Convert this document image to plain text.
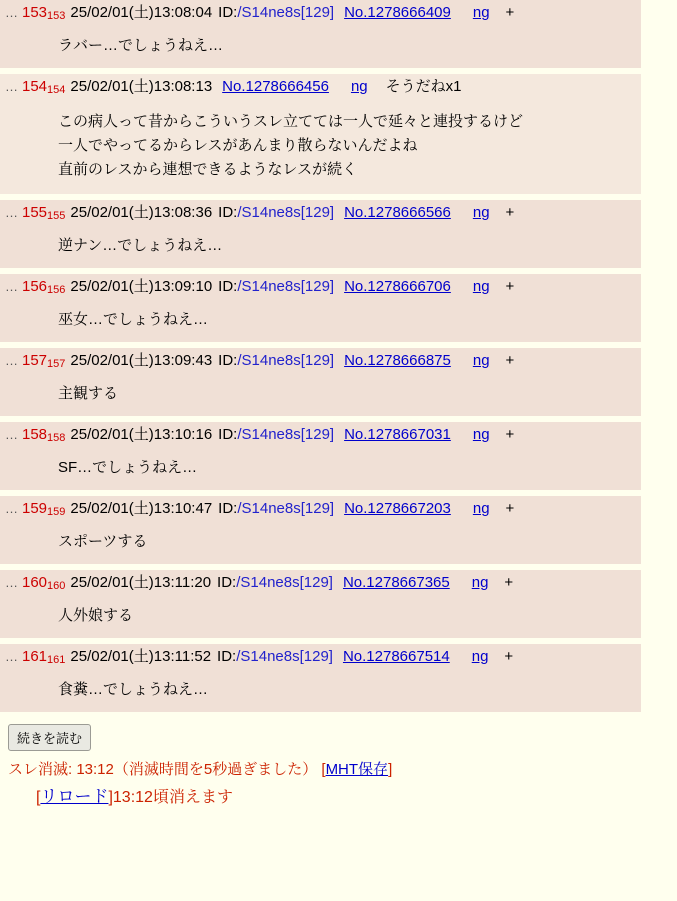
… 153 153 25/02/01(土)13:08:04 ID:/S14ne8s[129] No.1278666409 ng +
ラバー…でしょうねえ…
… 154 154 25/02/01(土)13:08:13 No.1278666456 ng そうだねx1
この病人って昔からこういうスレ立てては一人で延々と連投するけど
一人でやってるからレスがあんまり散らないんだよね
直前のレスから連想できるようなレスが続く
… 155 155 25/02/01(土)13:08:36 ID:/S14ne8s[129] No.1278666566 ng +
逆ナン…でしょうねえ…
… 156 156 25/02/01(土)13:09:10 ID:/S14ne8s[129] No.1278666706 ng +
巫女…でしょうねえ…
… 157 157 25/02/01(土)13:09:43 ID:/S14ne8s[129] No.1278666875 ng +
主観する
… 158 158 25/02/01(土)13:10:16 ID:/S14ne8s[129] No.1278667031 ng +
SF…でしょうねえ…
… 159 159 25/02/01(土)13:10:47 ID:/S14ne8s[129] No.1278667203 ng +
スポーツする
… 160 160 25/02/01(土)13:11:20 ID:/S14ne8s[129] No.1278667365 ng +
人外娘する
… 161 161 25/02/01(土)13:11:52 ID:/S14ne8s[129] No.1278667514 ng +
食糞…でしょうねえ…
続きを読む
スレ消滅: 13:12（消滅時間を5秒過ぎました） [MHT保存]
[リロード]13:12頃消えます
